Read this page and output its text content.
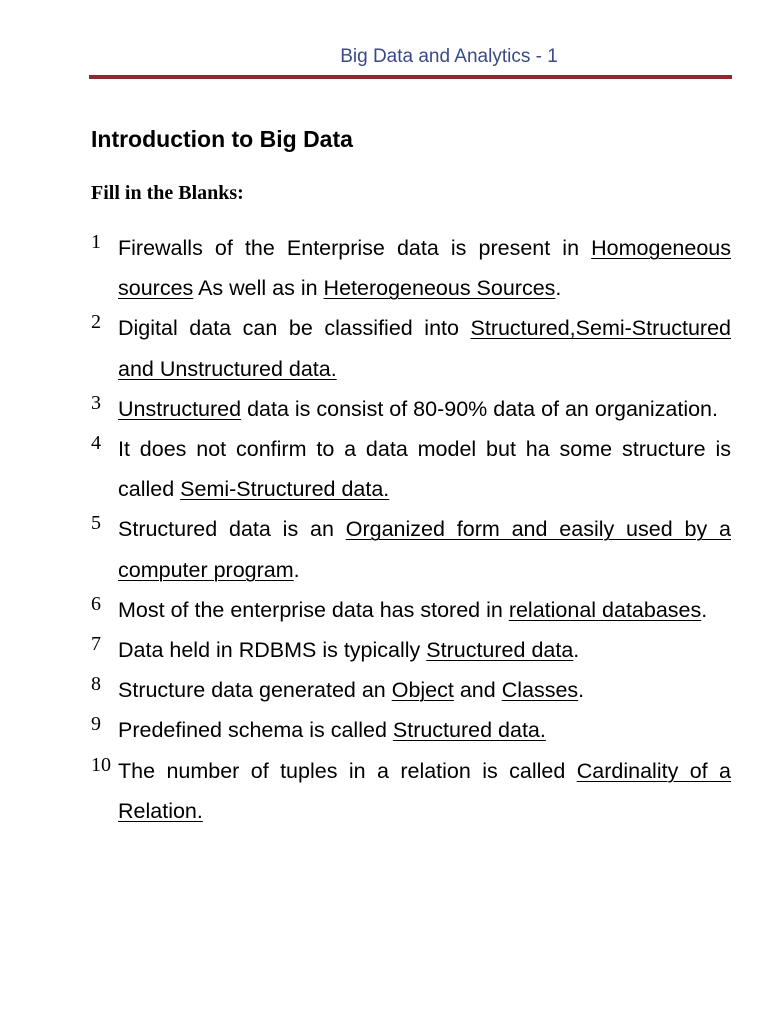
Big Data and Analytics - 1
Introduction to Big Data
Fill in the Blanks:
1 Firewalls of the Enterprise data is present in Homogeneous sources As well as in Heterogeneous Sources.
2 Digital data can be classified into Structured,Semi-Structured and Unstructured data.
3 Unstructured data is consist of 80-90% data of an organization.
4 It does not confirm to a data model but ha some structure is called Semi-Structured data.
5 Structured data is an Organized form and easily used by a computer program.
6 Most of the enterprise data has stored in relational databases.
7 Data held in RDBMS is typically Structured data.
8 Structure data generated an Object and Classes.
9 Predefined schema is called Structured data.
10 The number of tuples in a relation is called Cardinality of a Relation.
